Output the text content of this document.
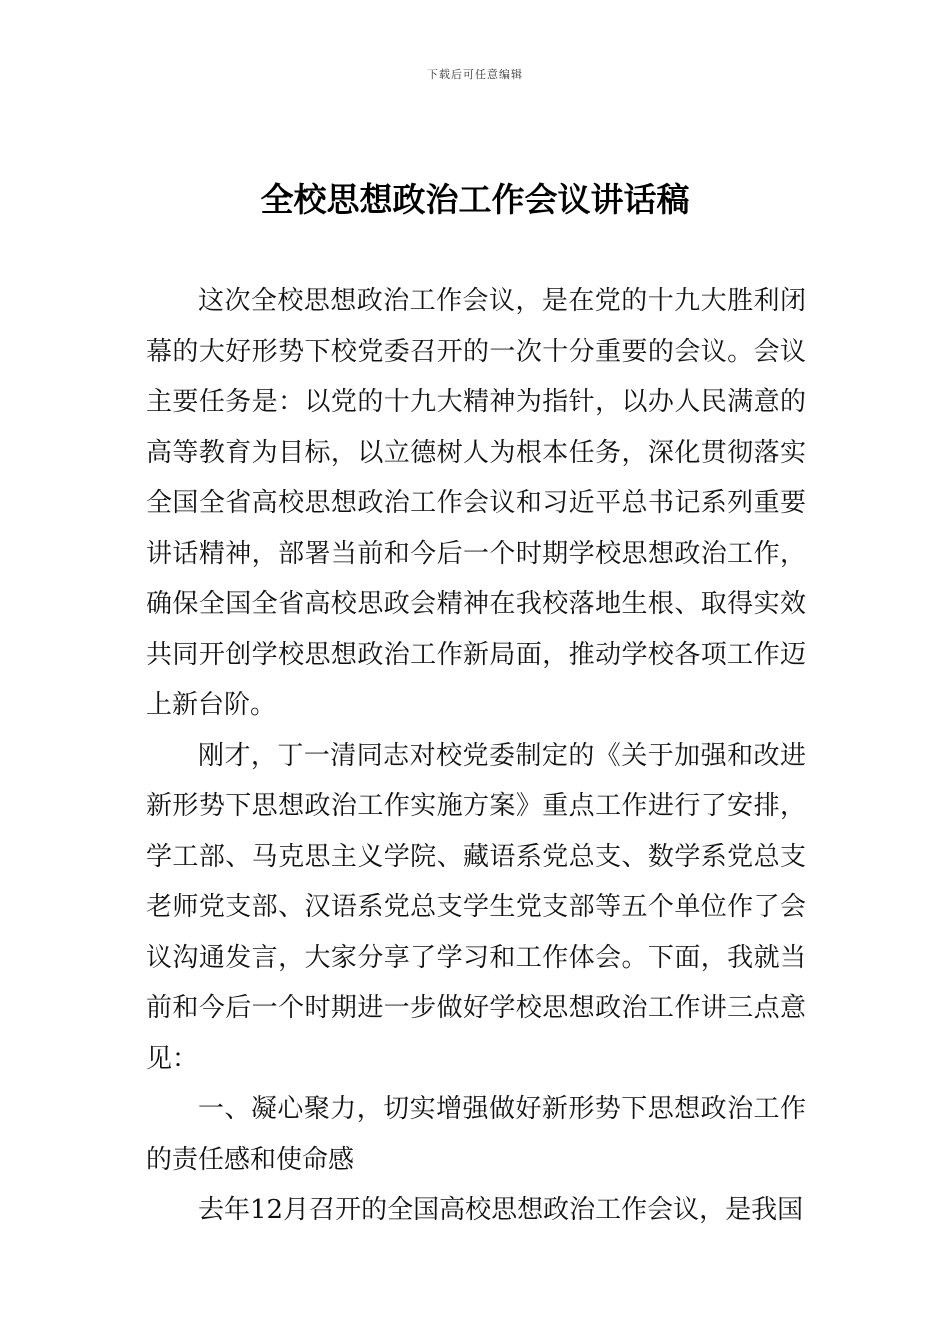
下载后可任意编辑
全校思想政治工作会议讲话稿

这次全校思想政治工作会议，是在党的十九大胜利闭幕的大好形势下校党委召开的一次十分重要的会议。会议主要任务是：以党的十九大精神为指针，以办人民满意的高等教育为目标，以立德树人为根本任务，深化贯彻落实全国全省高校思想政治工作会议和习近平总书记系列重要讲话精神，部署当前和今后一个时期学校思想政治工作，确保全国全省高校思政会精神在我校落地生根、取得实效共同开创学校思想政治工作新局面，推动学校各项工作迈上新台阶。

刚才，丁一清同志对校党委制定的《关于加强和改进新形势下思想政治工作实施方案》重点工作进行了安排，学工部、马克思主义学院、藏语系党总支、数学系党总支老师党支部、汉语系党总支学生党支部等五个单位作了会议沟通发言，大家分享了学习和工作体会。下面，我就当前和今后一个时期进一步做好学校思想政治工作讲三点意见：

一、凝心聚力，切实增强做好新形势下思想政治工作的责任感和使命感

去年12月召开的全国高校思想政治工作会议，是我国
